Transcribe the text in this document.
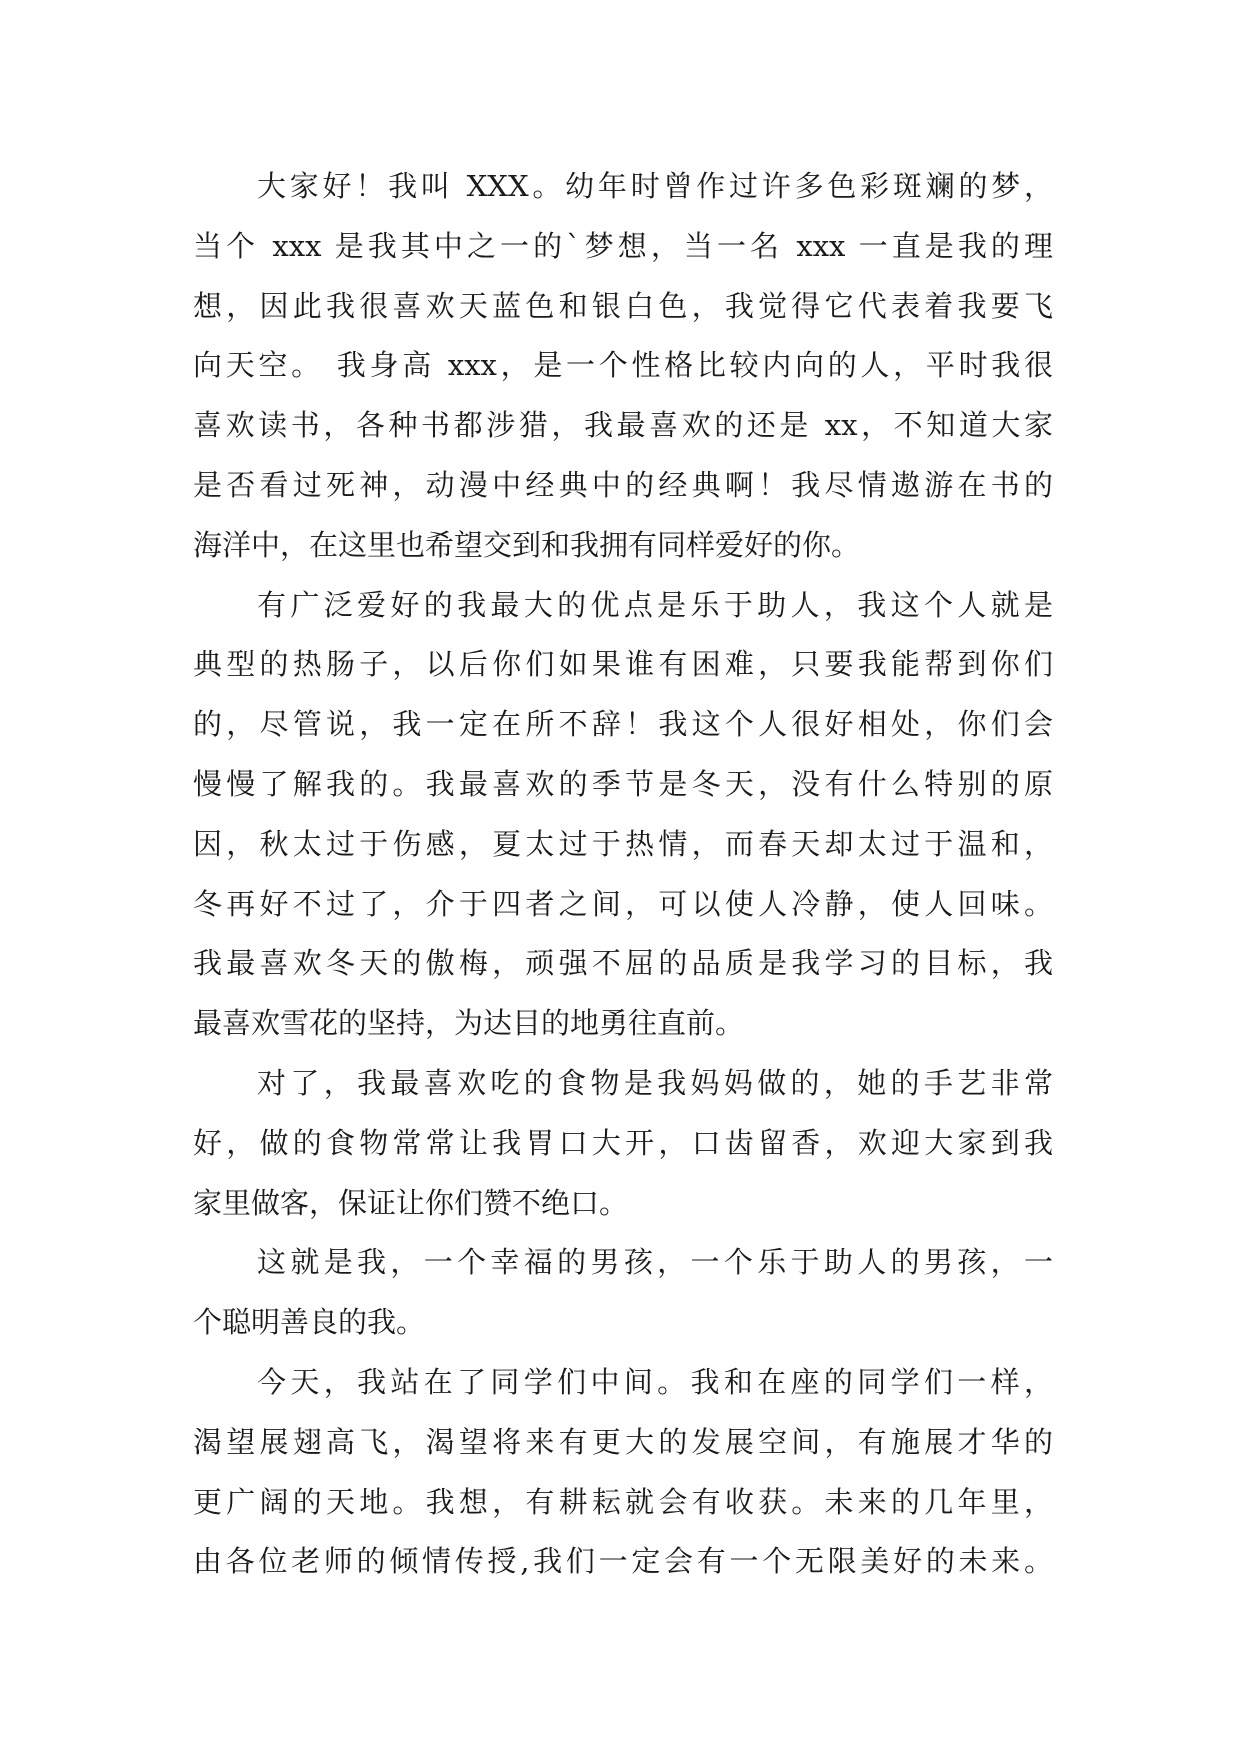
大家好！我叫 XXX。幼年时曾作过许多色彩斑斓的梦，
当个 xxx 是我其中之一的`梦想，当一名 xxx 一直是我的理
想，因此我很喜欢天蓝色和银白色，我觉得它代表着我要飞
向天空。 我身高 xxx，是一个性格比较内向的人，平时我很
喜欢读书，各种书都涉猎，我最喜欢的还是 xx，不知道大家
是否看过死神，动漫中经典中的经典啊！我尽情遨游在书的
海洋中，在这里也希望交到和我拥有同样爱好的你。
有广泛爱好的我最大的优点是乐于助人，我这个人就是
典型的热肠子，以后你们如果谁有困难，只要我能帮到你们
的，尽管说，我一定在所不辞！我这个人很好相处，你们会
慢慢了解我的。我最喜欢的季节是冬天，没有什么特别的原
因，秋太过于伤感，夏太过于热情，而春天却太过于温和，
冬再好不过了，介于四者之间，可以使人冷静，使人回味。
我最喜欢冬天的傲梅，顽强不屈的品质是我学习的目标，我
最喜欢雪花的坚持，为达目的地勇往直前。
对了，我最喜欢吃的食物是我妈妈做的，她的手艺非常
好，做的食物常常让我胃口大开，口齿留香，欢迎大家到我
家里做客，保证让你们赞不绝口。
这就是我，一个幸福的男孩，一个乐于助人的男孩，一
个聪明善良的我。
今天，我站在了同学们中间。我和在座的同学们一样，
渴望展翅高飞，渴望将来有更大的发展空间，有施展才华的
更广阔的天地。我想，有耕耘就会有收获。未来的几年里，
由各位老师的倾情传授,我们一定会有一个无限美好的未来。
